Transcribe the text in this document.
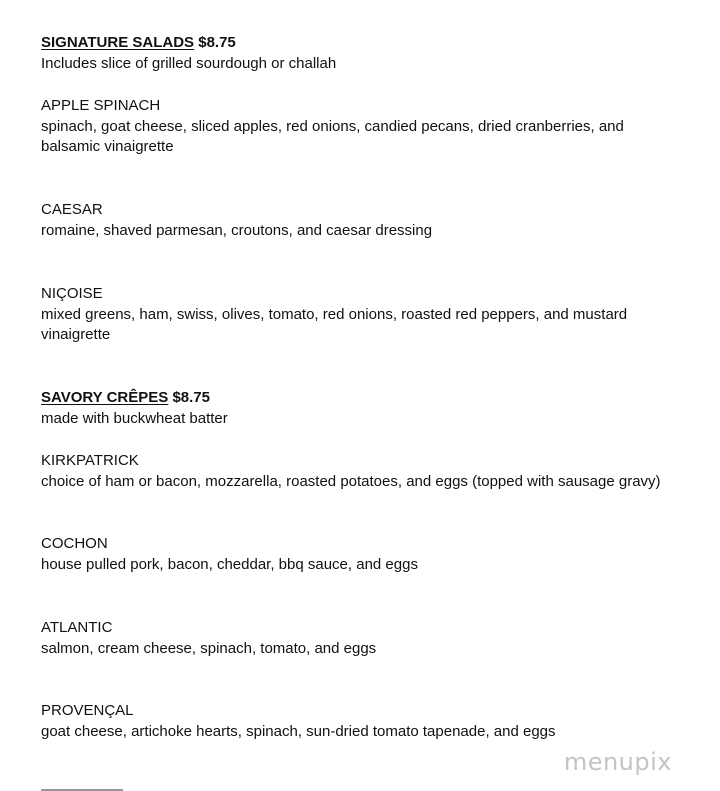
SIGNATURE SALADS $8.75
Includes slice of grilled sourdough or challah
APPLE SPINACH
spinach, goat cheese, sliced apples, red onions, candied pecans, dried cranberries, and balsamic vinaigrette
CAESAR
romaine, shaved parmesan, croutons, and caesar dressing
NIÇOISE
mixed greens, ham, swiss, olives, tomato, red onions, roasted red peppers, and mustard vinaigrette
SAVORY CRÊPES $8.75
made with buckwheat batter
KIRKPATRICK
choice of ham or bacon, mozzarella, roasted potatoes, and eggs (topped with sausage gravy)
COCHON
house pulled pork, bacon, cheddar, bbq sauce, and eggs
ATLANTIC
salmon, cream cheese, spinach, tomato, and eggs
PROVENÇAL
goat cheese, artichoke hearts, spinach, sun-dried tomato tapenade, and eggs
menupix
